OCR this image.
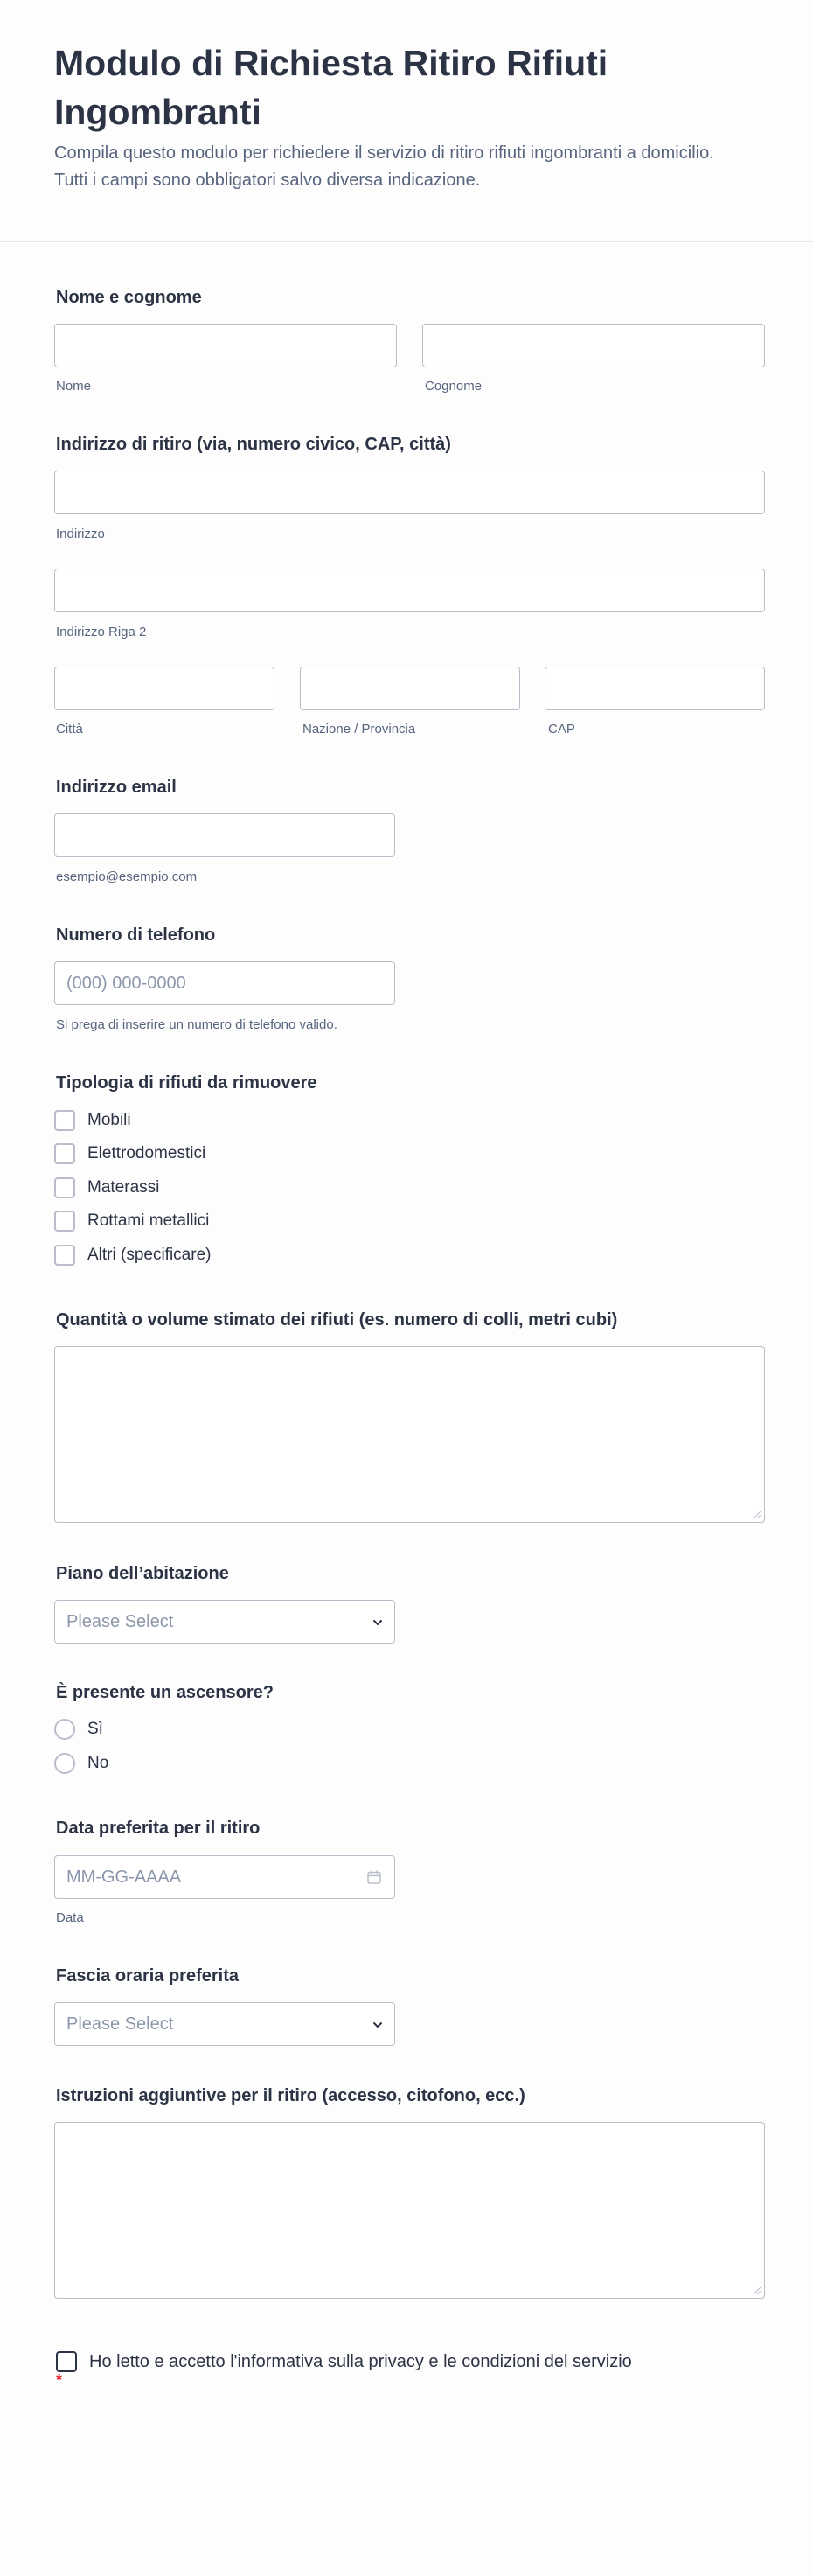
Modulo di Richiesta Ritiro Rifiuti Ingombranti
Compila questo modulo per richiedere il servizio di ritiro rifiuti ingombranti a domicilio. Tutti i campi sono obbligatori salvo diversa indicazione.
Nome e cognome
Nome	Cognome
Indirizzo di ritiro (via, numero civico, CAP, città)
Indirizzo
Indirizzo Riga 2
Città	Nazione / Provincia	CAP
Indirizzo email
esempio@esempio.com
Numero di telefono
(000) 000-0000
Si prega di inserire un numero di telefono valido.
Tipologia di rifiuti da rimuovere
Mobili
Elettrodomestici
Materassi
Rottami metallici
Altri (specificare)
Quantità o volume stimato dei rifiuti (es. numero di colli, metri cubi)
Piano dell’abitazione
Please Select
È presente un ascensore?
Sì
No
Data preferita per il ritiro
MM-GG-AAAA
Data
Fascia oraria preferita
Please Select
Istruzioni aggiuntive per il ritiro (accesso, citofono, ecc.)
Ho letto e accetto l'informativa sulla privacy e le condizioni del servizio
*
